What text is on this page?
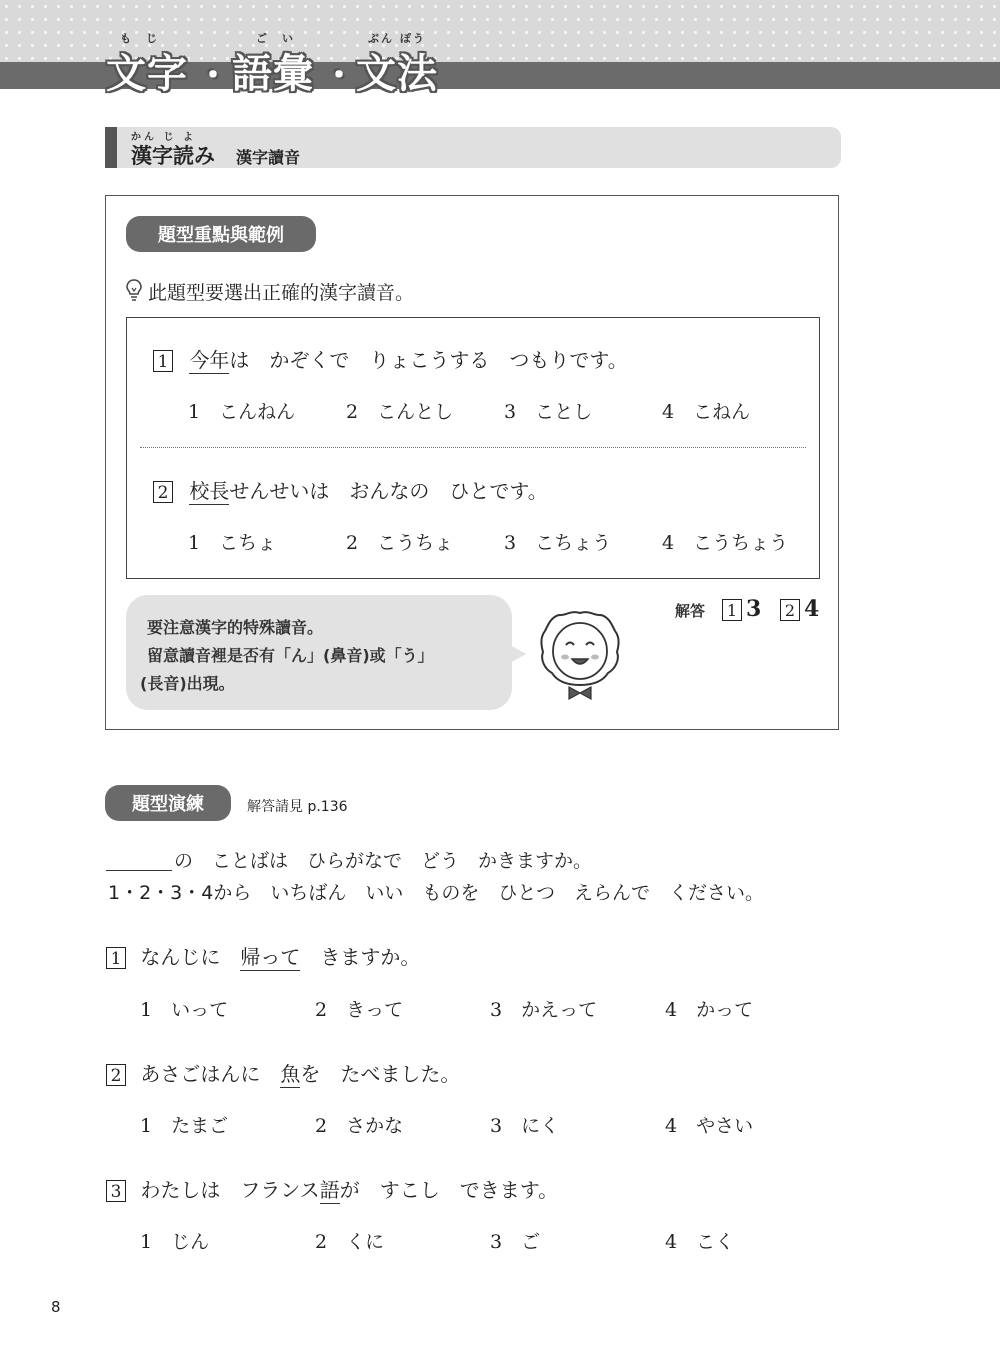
も　じ	ご　い	ぶん ぽう
文字 ・ 語彙 ・ 文法
かん じ よ
漢字読み 漢字讀音
題型重點與範例
此題型要選出正確的漢字讀音。
1 今年は　かぞくで　りょこうする　つもりです。
1　 こんねん	2　 こんとし	3　 ことし	4　 こねん
2 校長せんせいは　おんなの　ひとです。
1　 こちょ	2　 こうちょ	3　 こちょう	4　 こうちょう
要注意漢字的特殊讀音。
留意讀音裡是否有「ん」(鼻音)或「う」
(長音)出現。
解答	1 3	2 4
題型演練	解答請見 p.136
の　ことばは　ひらがなで　どう　かきますか。
1・2・3・4から　いちばん　いい　ものを　ひとつ　えらんで　ください。
1 なんじに　帰って　きますか。
1　 いって	2　 きって	3　 かえって	4　 かって
2 あさごはんに　魚を　たべました。
1　 たまご	2　 さかな	3　 にく	4　 やさい
3 わたしは　フランス語が　すこし　できます。
1　 じん	2　 くに	3　 ご	4　 こく
8
